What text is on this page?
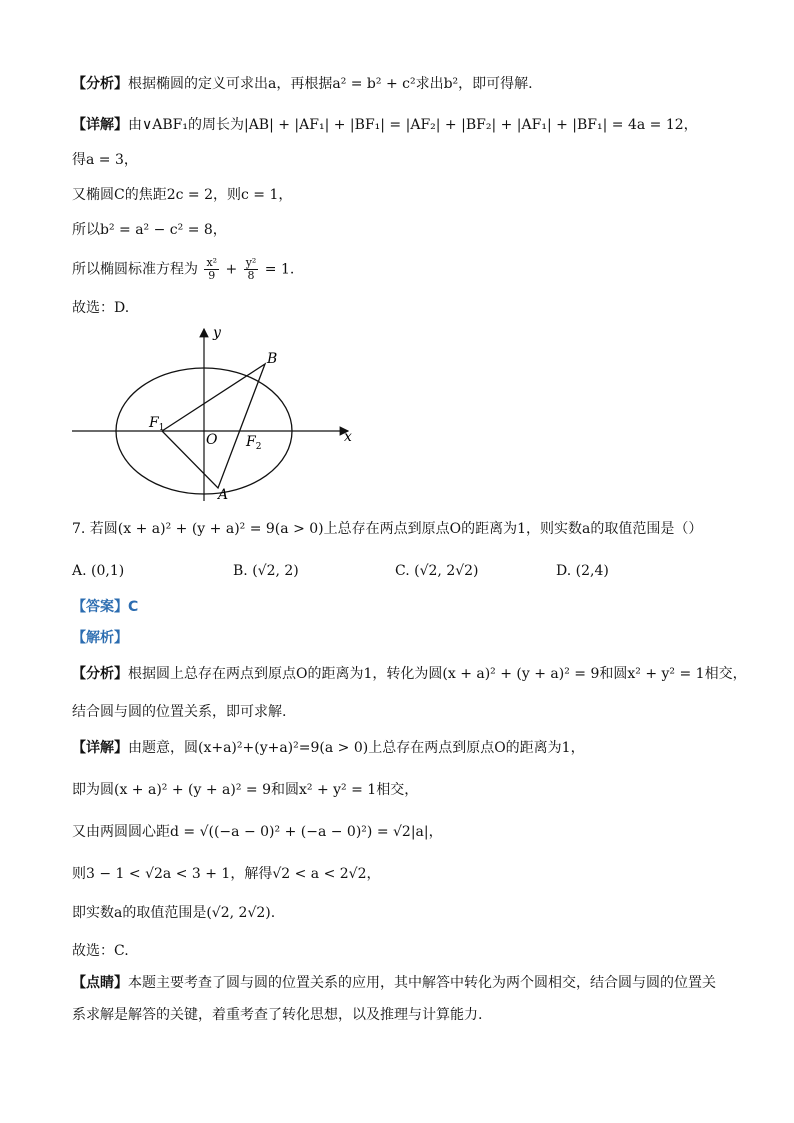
【分析】根据椭圆的定义可求出a，再根据a² = b² + c²求出b²，即可得解.
【详解】由∨ABF₁的周长为|AB| + |AF₁| + |BF₁| = |AF₂| + |BF₂| + |AF₁| + |BF₁| = 4a = 12，
得a = 3，
又椭圆C的焦距2c = 2，则c = 1，
所以b² = a² − c² = 8，
所以椭圆标准方程为 $\frac{\text{x²}}{9} + \frac{\text{y²}}{8} = 1$.
故选：D.
y
x
O
$F_1$
$F_2$
A
B
7. 若圆(x + a)² + (y + a)² = 9(a > 0)上总存在两点到原点O的距离为1，则实数a的取值范围是（）
A. (0,1)	B. (√2, 2)	C. (√2, 2√2)	D. (2,4)
【答案】C
【解析】
【分析】根据圆上总存在两点到原点O的距离为1，转化为圆(x + a)² + (y + a)² = 9和圆x² + y² = 1相交，
结合圆与圆的位置关系，即可求解.
【详解】由题意，圆(x+a)²+(y+a)²=9(a > 0)上总存在两点到原点O的距离为1，
即为圆(x + a)² + (y + a)² = 9和圆x² + y² = 1相交，
又由两圆圆心距d = √((−a − 0)² + (−a − 0)²) = √2|a|，
则3 − 1 < √2a < 3 + 1，解得√2 < a < 2√2，
即实数a的取值范围是(√2, 2√2).
故选：C.
【点睛】本题主要考查了圆与圆的位置关系的应用，其中解答中转化为两个圆相交，结合圆与圆的位置关
系求解是解答的关键，着重考查了转化思想，以及推理与计算能力.
